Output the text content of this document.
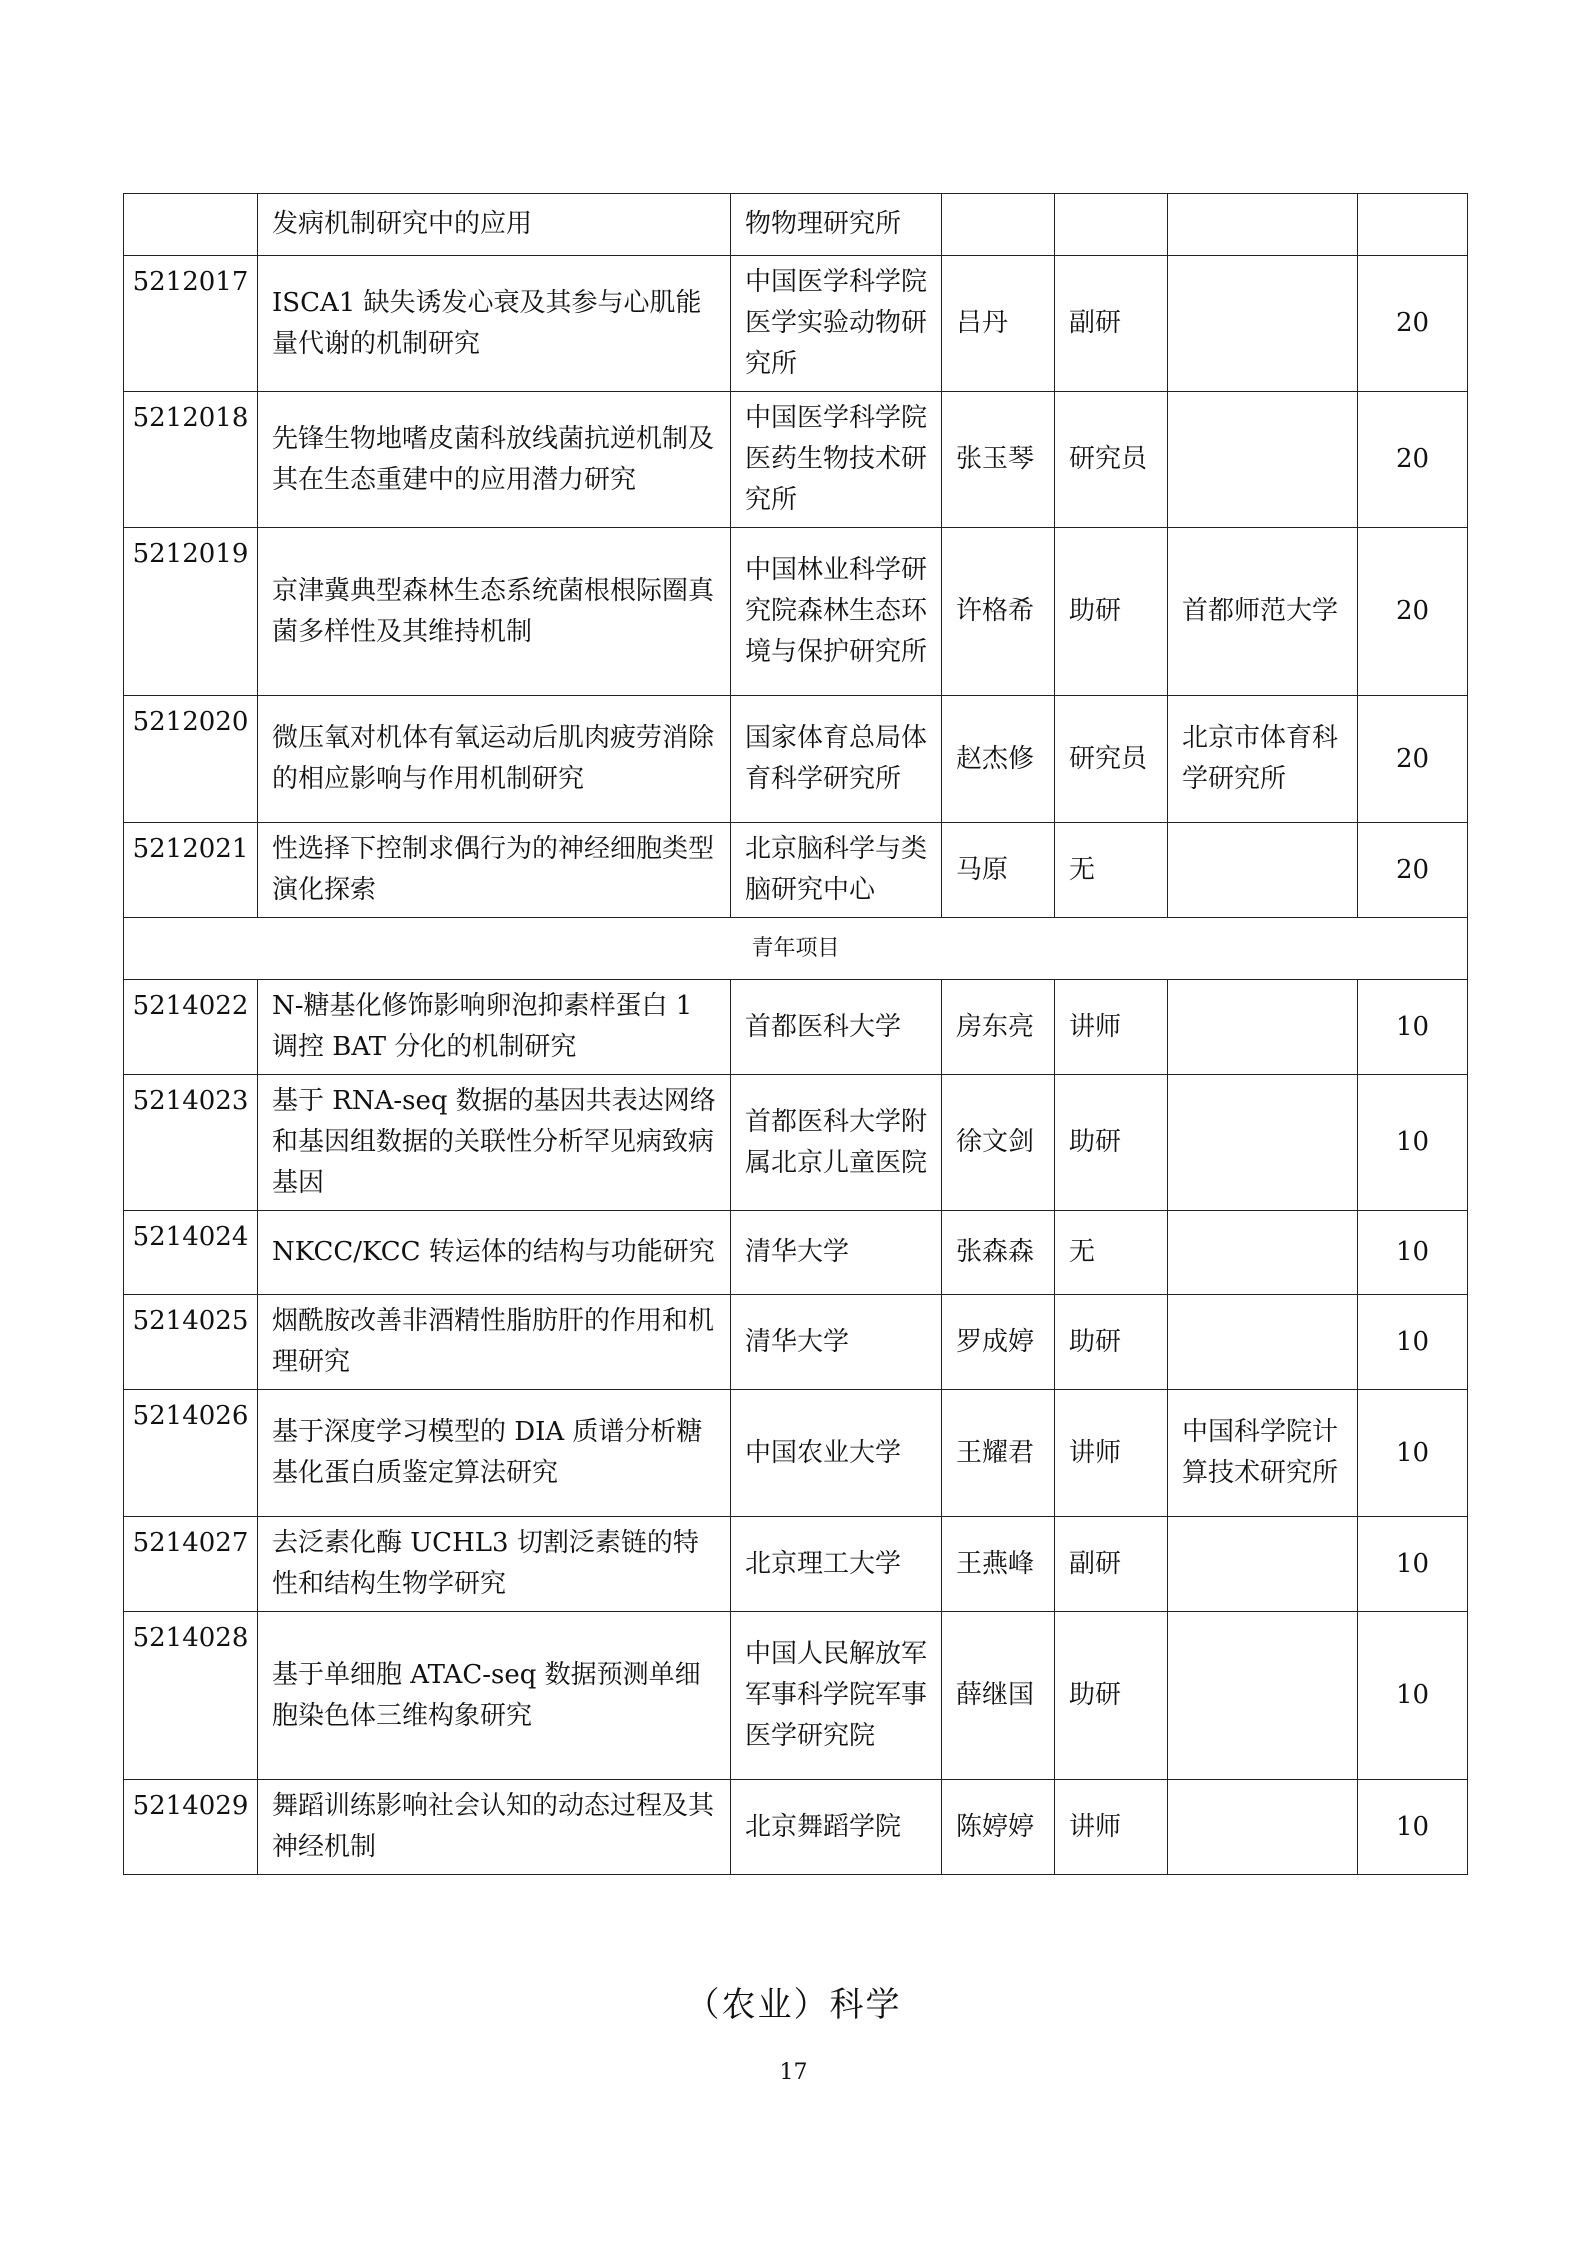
	发病机制研究中的应用	物物理研究所				
5212017	ISCA1 缺失诱发心衰及其参与心肌能量代谢的机制研究	中国医学科学院医学实验动物研究所	吕丹	副研		20
5212018	先锋生物地嗜皮菌科放线菌抗逆机制及其在生态重建中的应用潜力研究	中国医学科学院医药生物技术研究所	张玉琴	研究员		20
5212019	京津冀典型森林生态系统菌根根际圈真菌多样性及其维持机制	中国林业科学研究院森林生态环境与保护研究所	许格希	助研	首都师范大学	20
5212020	微压氧对机体有氧运动后肌肉疲劳消除的相应影响与作用机制研究	国家体育总局体育科学研究所	赵杰修	研究员	北京市体育科学研究所	20
5212021	性选择下控制求偶行为的神经细胞类型演化探索	北京脑科学与类脑研究中心	马原	无		20
青年项目						
5214022	N-糖基化修饰影响卵泡抑素样蛋白 1 调控 BAT 分化的机制研究	首都医科大学	房东亮	讲师		10
5214023	基于 RNA-seq 数据的基因共表达网络和基因组数据的关联性分析罕见病致病基因	首都医科大学附属北京儿童医院	徐文剑	助研		10
5214024	NKCC/KCC 转运体的结构与功能研究	清华大学	张森森	无		10
5214025	烟酰胺改善非酒精性脂肪肝的作用和机理研究	清华大学	罗成婷	助研		10
5214026	基于深度学习模型的 DIA 质谱分析糖基化蛋白质鉴定算法研究	中国农业大学	王耀君	讲师	中国科学院计算技术研究所	10
5214027	去泛素化酶 UCHL3 切割泛素链的特性和结构生物学研究	北京理工大学	王燕峰	副研		10
5214028	基于单细胞 ATAC-seq 数据预测单细胞染色体三维构象研究	中国人民解放军军事科学院军事医学研究院	薛继国	助研		10
5214029	舞蹈训练影响社会认知的动态过程及其神经机制	北京舞蹈学院	陈婷婷	讲师		10
（农业）科学
17
